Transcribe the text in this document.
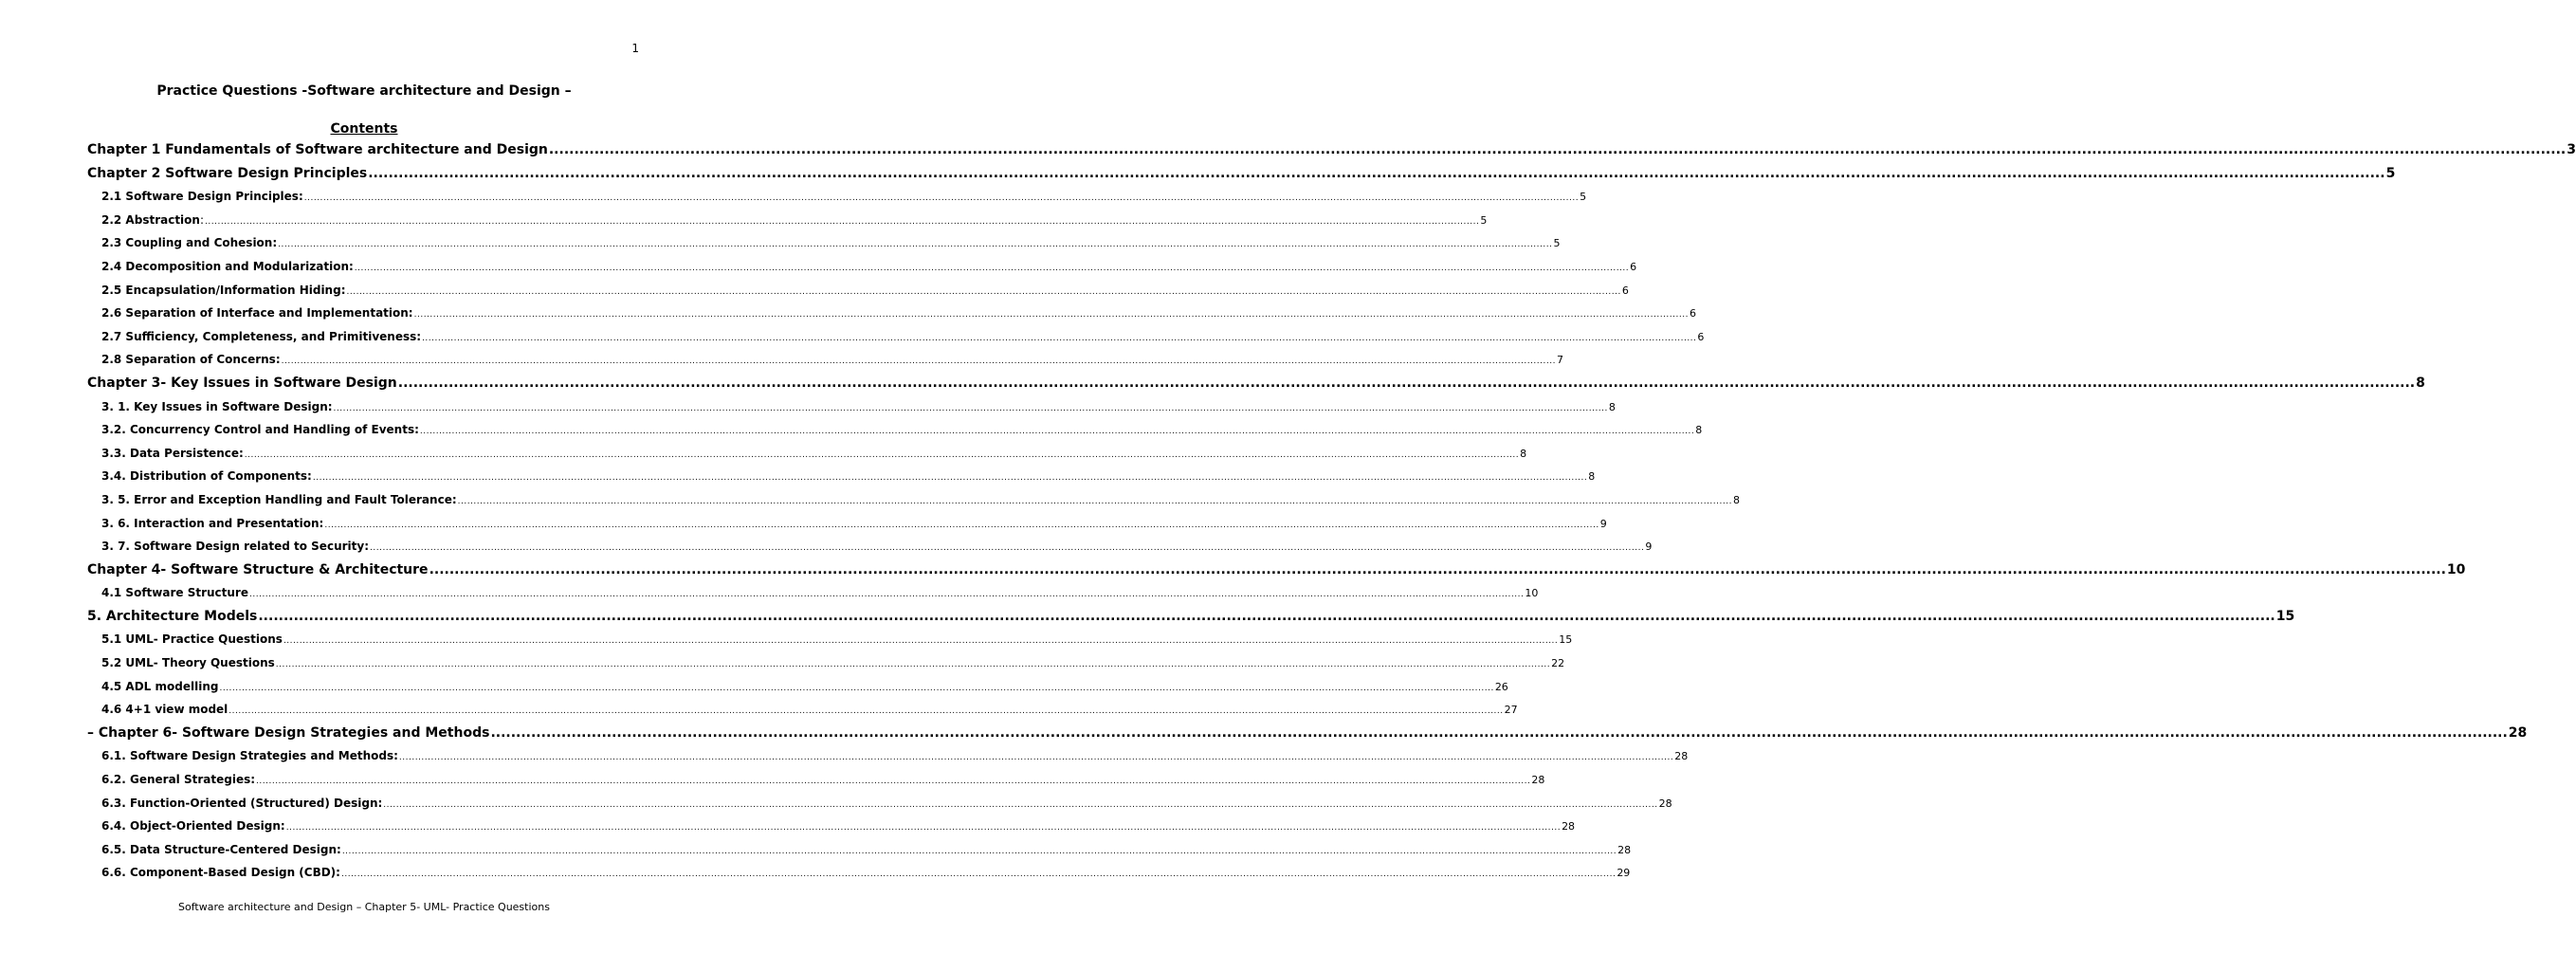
1
Practice Questions -Software architecture and Design –
Contents
Chapter 1 Fundamentals of Software architecture and Design ................................................................................................................................................................................................................................................................................................................................................................................................................ 3
Chapter 2 Software Design Principles ................................................................................................................................................................................................................................................................................................................................................................................................................ 5
2.1 Software Design Principles: ................................................................................................................................................................................................................................................................................................................................................................................................................ 5
2.2 Abstraction: ................................................................................................................................................................................................................................................................................................................................................................................................................ 5
2.3 Coupling and Cohesion: ................................................................................................................................................................................................................................................................................................................................................................................................................ 5
2.4 Decomposition and Modularization: ................................................................................................................................................................................................................................................................................................................................................................................................................ 6
2.5 Encapsulation/Information Hiding: ................................................................................................................................................................................................................................................................................................................................................................................................................ 6
2.6 Separation of Interface and Implementation: ................................................................................................................................................................................................................................................................................................................................................................................................................ 6
2.7 Sufficiency, Completeness, and Primitiveness: ................................................................................................................................................................................................................................................................................................................................................................................................................ 6
2.8 Separation of Concerns: ................................................................................................................................................................................................................................................................................................................................................................................................................ 7
Chapter 3- Key Issues in Software Design ................................................................................................................................................................................................................................................................................................................................................................................................................ 8
3. 1. Key Issues in Software Design: ................................................................................................................................................................................................................................................................................................................................................................................................................ 8
3.2. Concurrency Control and Handling of Events: ................................................................................................................................................................................................................................................................................................................................................................................................................ 8
3.3. Data Persistence: ................................................................................................................................................................................................................................................................................................................................................................................................................ 8
3.4. Distribution of Components: ................................................................................................................................................................................................................................................................................................................................................................................................................ 8
3. 5. Error and Exception Handling and Fault Tolerance: ................................................................................................................................................................................................................................................................................................................................................................................................................ 8
3. 6. Interaction and Presentation: ................................................................................................................................................................................................................................................................................................................................................................................................................ 9
3. 7. Software Design related to Security: ................................................................................................................................................................................................................................................................................................................................................................................................................ 9
Chapter 4- Software Structure & Architecture ................................................................................................................................................................................................................................................................................................................................................................................................................ 10
4.1 Software Structure ................................................................................................................................................................................................................................................................................................................................................................................................................ 10
5. Architecture Models ................................................................................................................................................................................................................................................................................................................................................................................................................ 15
5.1 UML- Practice Questions ................................................................................................................................................................................................................................................................................................................................................................................................................ 15
5.2 UML- Theory Questions ................................................................................................................................................................................................................................................................................................................................................................................................................ 22
4.5 ADL modelling ................................................................................................................................................................................................................................................................................................................................................................................................................ 26
4.6 4+1 view model ................................................................................................................................................................................................................................................................................................................................................................................................................ 27
– Chapter 6- Software Design Strategies and Methods ................................................................................................................................................................................................................................................................................................................................................................................................................ 28
6.1. Software Design Strategies and Methods: ................................................................................................................................................................................................................................................................................................................................................................................................................ 28
6.2. General Strategies: ................................................................................................................................................................................................................................................................................................................................................................................................................ 28
6.3. Function-Oriented (Structured) Design: ................................................................................................................................................................................................................................................................................................................................................................................................................ 28
6.4. Object-Oriented Design: ................................................................................................................................................................................................................................................................................................................................................................................................................ 28
6.5. Data Structure-Centered Design: ................................................................................................................................................................................................................................................................................................................................................................................................................ 28
6.6. Component-Based Design (CBD): ................................................................................................................................................................................................................................................................................................................................................................................................................ 29
Software architecture and Design – Chapter 5- UML- Practice Questions
